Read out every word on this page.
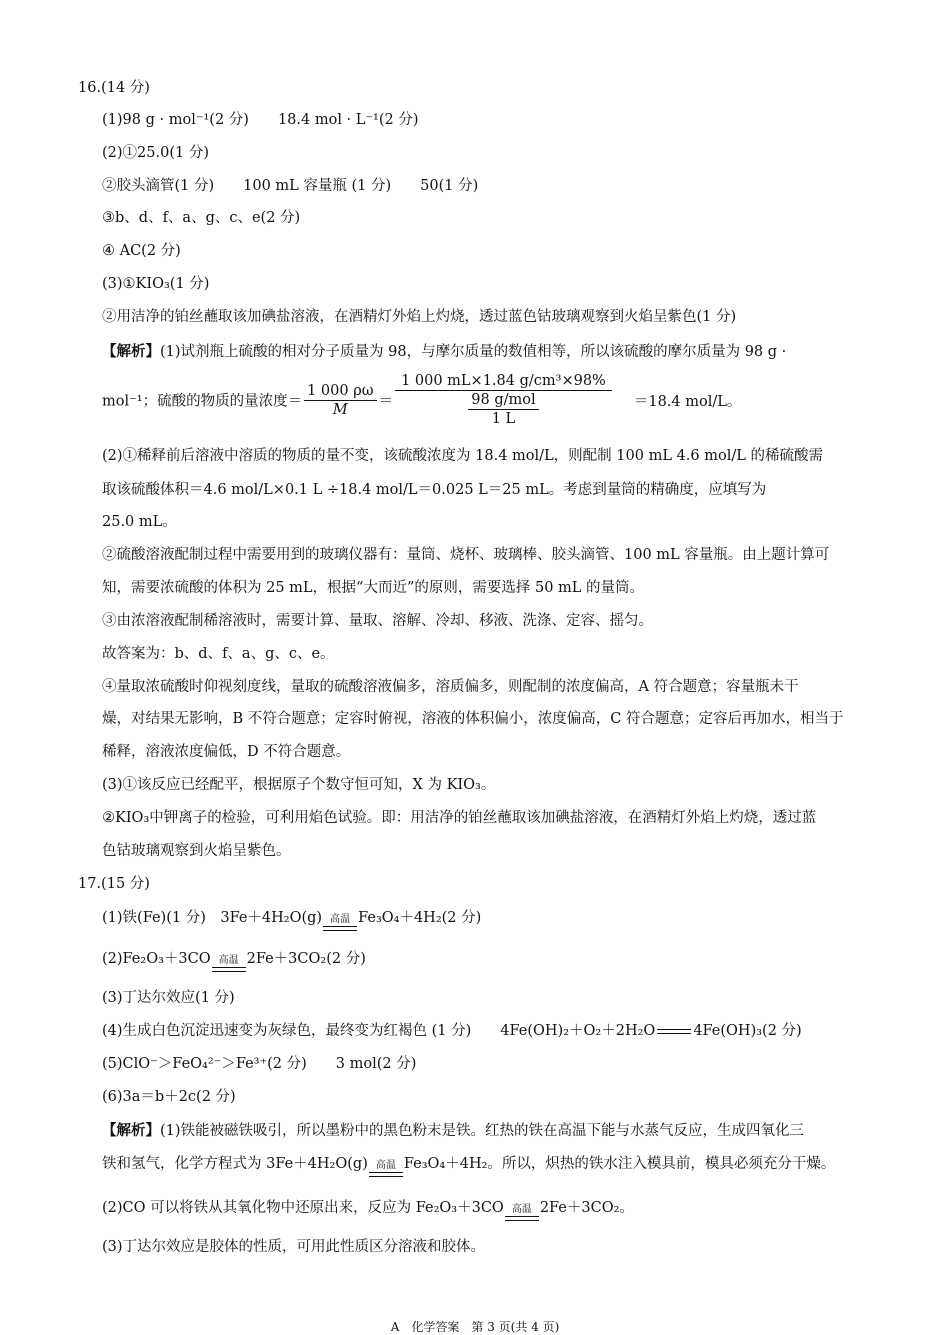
16.(14 分)
(1)98 g · mol⁻¹(2 分)　　18.4 mol · L⁻¹(2 分)
(2)①25.0(1 分)
②胶头滴管(1 分)　　100 mL 容量瓶 (1 分)　　50(1 分)
③b、d、f、a、g、c、e(2 分)
④ AC(2 分)
(3)①KIO₃(1 分)
②用洁净的铂丝蘸取该加碘盐溶液，在酒精灯外焰上灼烧，透过蓝色钴玻璃观察到火焰呈紫色(1 分)
【解析】(1)试剂瓶上硫酸的相对分子质量为 98，与摩尔质量的数值相等，所以该硫酸的摩尔质量为 98 g ·
mol⁻¹；硫酸的物质的量浓度＝ $\frac{1 000 \rho\omega}{M} = \frac{\text{1 000 mL×1.84 g/cm³×98\%}}{\frac{\text{98 g/mol}}{1 L}} =18.4$ mol/L。
(2)①稀释前后溶液中溶质的物质的量不变，该硫酸浓度为 18.4 mol/L，则配制 100 mL 4.6 mol/L 的稀硫酸需
取该硫酸体积＝4.6 mol/L×0.1 L ÷18.4 mol/L＝0.025 L＝25 mL。考虑到量筒的精确度，应填写为
25.0 mL。
②硫酸溶液配制过程中需要用到的玻璃仪器有：量筒、烧杯、玻璃棒、胶头滴管、100 mL 容量瓶。由上题计算可
知，需要浓硫酸的体积为 25 mL，根据“大而近”的原则，需要选择 50 mL 的量筒。
③由浓溶液配制稀溶液时，需要计算、量取、溶解、冷却、移液、洗涤、定容、摇匀。
故答案为：b、d、f、a、g、c、e。
④量取浓硫酸时仰视刻度线，量取的硫酸溶液偏多，溶质偏多，则配制的浓度偏高，A 符合题意；容量瓶未干
燥，对结果无影响，B 不符合题意；定容时俯视，溶液的体积偏小，浓度偏高，C 符合题意；定容后再加水，相当于
稀释，溶液浓度偏低，D 不符合题意。
(3)①该反应已经配平，根据原子个数守恒可知，X 为 KIO₃。
②KIO₃中钾离子的检验，可利用焰色试验。即：用洁净的铂丝蘸取该加碘盐溶液，在酒精灯外焰上灼烧，透过蓝
色钴玻璃观察到火焰呈紫色。
17.(15 分)
(1)铁(Fe)(1 分)　3Fe＋4H₂O(g) 高温 Fe₃O₄＋4H₂(2 分)
(2)Fe₂O₃＋3CO 高温 2Fe＋3CO₂(2 分)
(3)丁达尔效应(1 分)
(4)生成白色沉淀迅速变为灰绿色，最终变为红褐色 (1 分)　　4Fe(OH)₂＋O₂＋2H₂O	4Fe(OH)₃(2 分)
(5)ClO⁻＞FeO₄²⁻＞Fe³⁺(2 分)　　3 mol(2 分)
(6)3a＝b＋2c(2 分)
【解析】(1)铁能被磁铁吸引，所以墨粉中的黑色粉末是铁。红热的铁在高温下能与水蒸气反应，生成四氧化三
铁和氢气，化学方程式为 3Fe＋4H₂O(g) 高温 Fe₃O₄＋4H₂。所以，炽热的铁水注入模具前，模具必须充分干燥。
(2)CO 可以将铁从其氧化物中还原出来，反应为 Fe₂O₃＋3CO 高温 2Fe＋3CO₂。
(3)丁达尔效应是胶体的性质，可用此性质区分溶液和胶体。
A　化学答案　第 3 页(共 4 页)
